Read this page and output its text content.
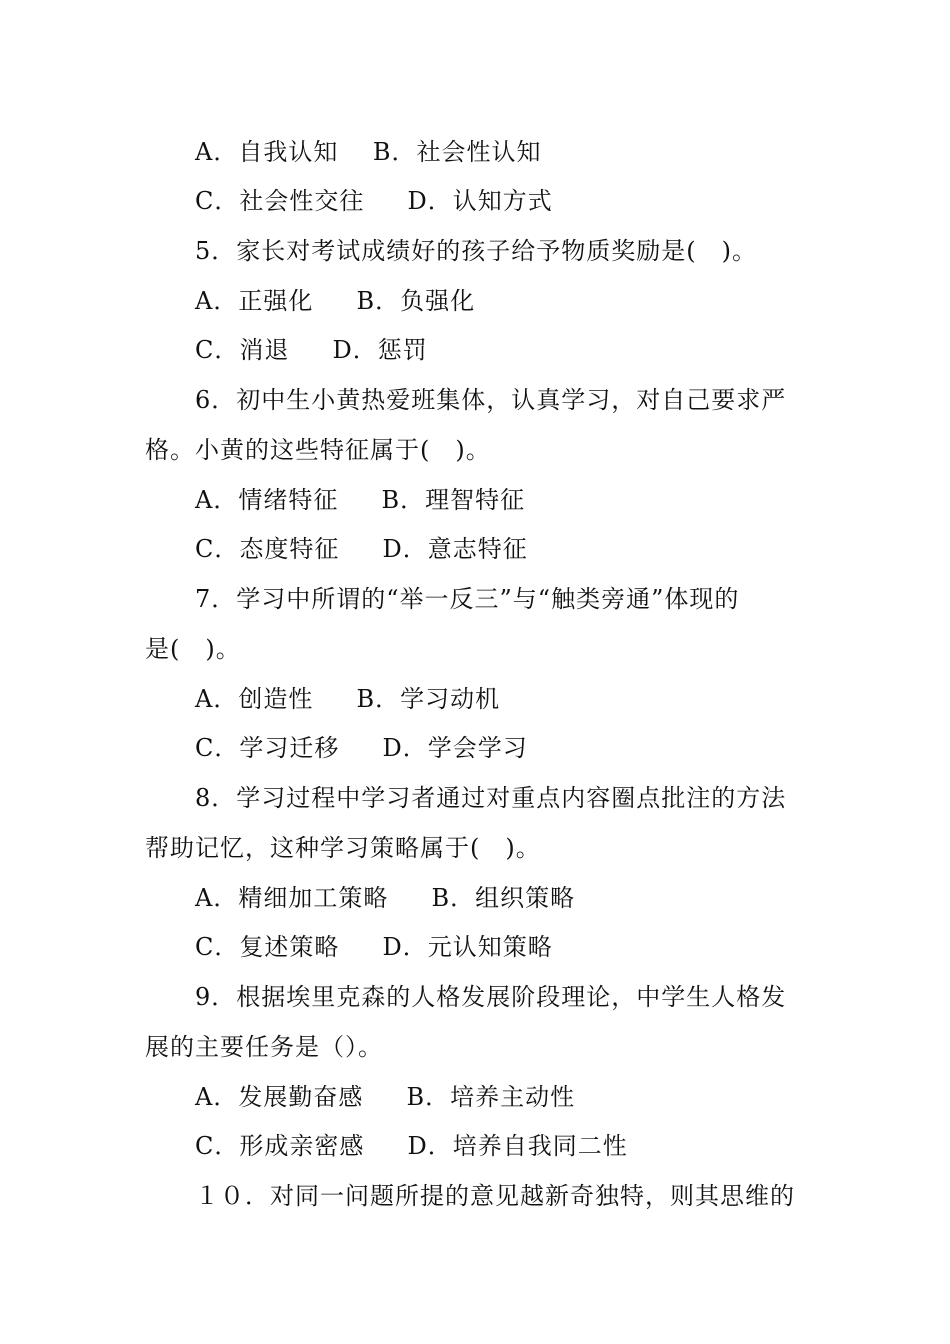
A．自我认知    B．社会性认知
C．社会性交往     D．认知方式
5．家长对考试成绩好的孩子给予物质奖励是(　)。
A．正强化     B．负强化
C．消退     D．惩罚
6．初中生小黄热爱班集体，认真学习，对自己要求严
格。小黄的这些特征属于(　)。
A．情绪特征     B．理智特征
C．态度特征     D．意志特征
7．学习中所谓的“举一反三”与“触类旁通”体现的
是(　)。
A．创造性     B．学习动机
C．学习迁移     D．学会学习
8．学习过程中学习者通过对重点内容圈点批注的方法
帮助记忆，这种学习策略属于(　)。
A．精细加工策略     B．组织策略
C．复述策略     D．元认知策略
9．根据埃里克森的人格发展阶段理论，中学生人格发
展的主要任务是（）。
A．发展勤奋感     B．培养主动性
C．形成亲密感     D．培养自我同二性
１０．对同一问题所提的意见越新奇独特，则其思维的
